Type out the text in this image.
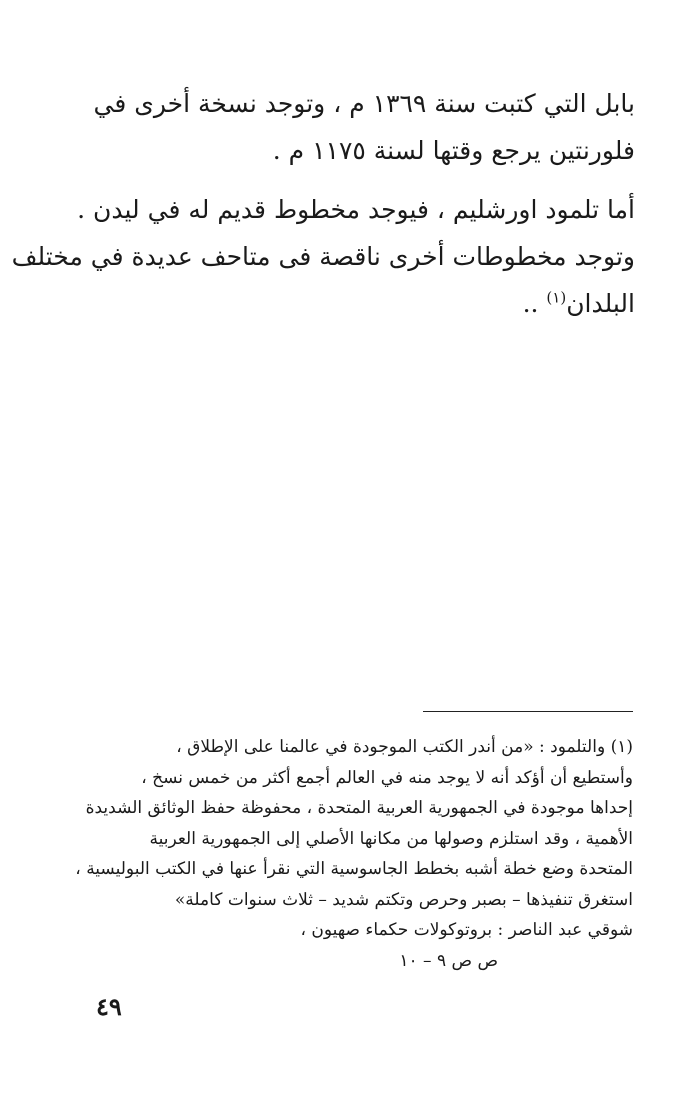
بابل التي كتبت سنة ١٣٦٩ م ، وتوجد نسخة أخرى في
فلورنتين يرجع وقتها لسنة ١١٧٥ م .

أما تلمود اورشليم ، فيوجد مخطوط قديم له في ليدن .
وتوجد مخطوطات أخرى ناقصة فى متاحف عديدة في مختلف
البلدان$^{(١)}$ ..

(١) والتلمود : «من أندر الكتب الموجودة في عالمنا على الإطلاق ،
وأستطيع أن أؤكد أنه لا يوجد منه في العالم أجمع أكثر من خمس نسخ ،
إحداها موجودة في الجمهورية العربية المتحدة ، محفوظة حفظ الوثائق الشديدة
الأهمية ، وقد استلزم وصولها من مكانها الأصلي إلى الجمهورية العربية
المتحدة وضع خطة أشبه بخطط الجاسوسية التي نقرأ عنها في الكتب البوليسية ،
استغرق تنفيذها – بصبر وحرص وتكتم شديد – ثلاث سنوات كاملة»
شوقي عبد الناصر : بروتوكولات حكماء صهيون ،
ص ص ٩ – ١٠
٤٩
